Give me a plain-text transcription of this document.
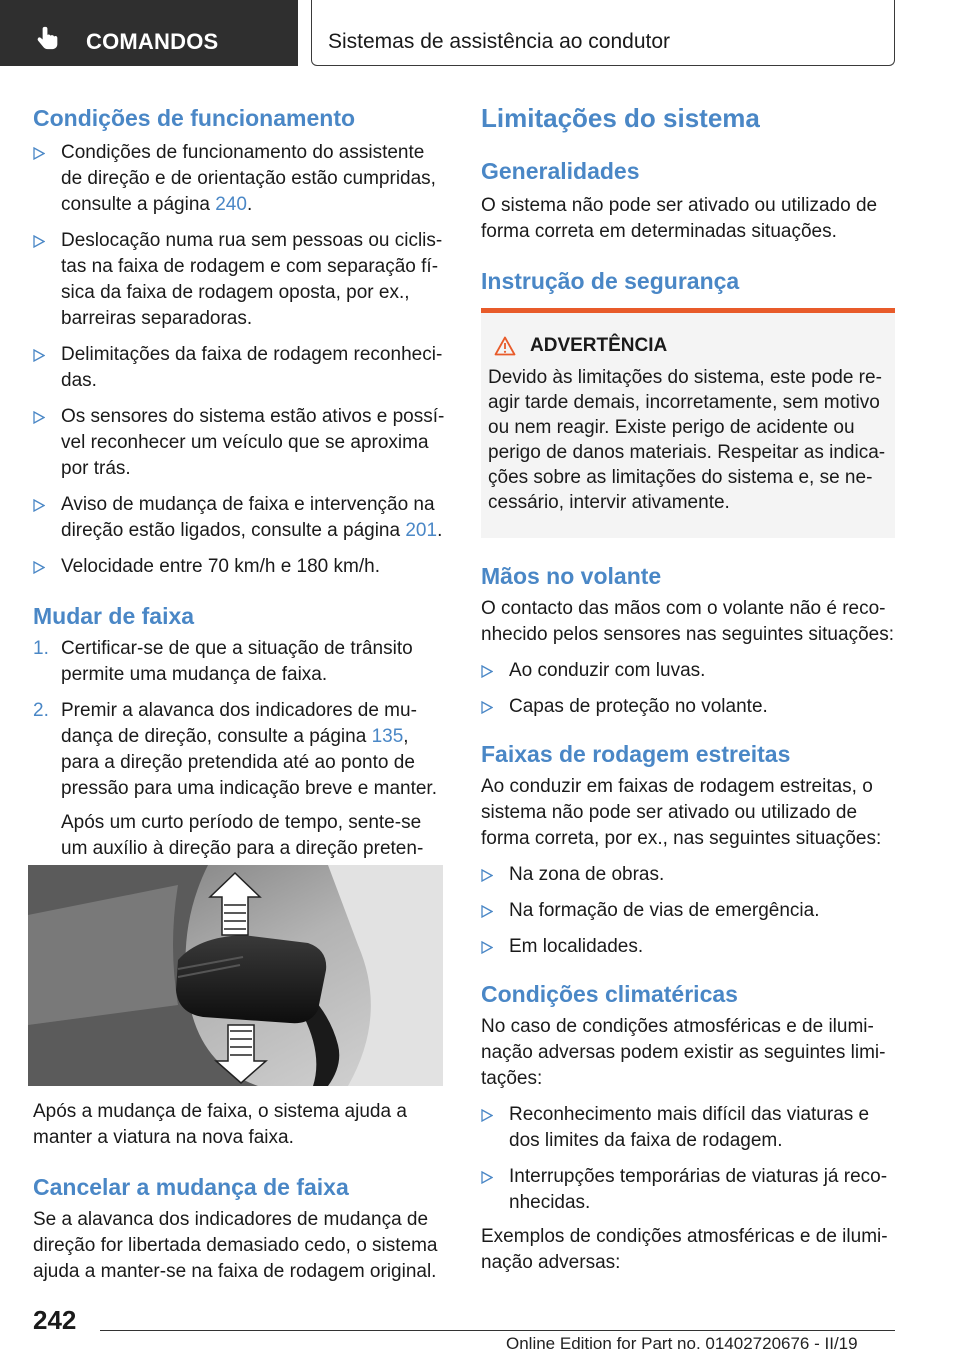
COMANDOS	Sistemas de assistência ao condutor
Condições de funcionamento
Condições de funcionamento do assistente de direção e de orientação estão cumpridas, consulte a página 240.
Deslocação numa rua sem pessoas ou ciclistas na faixa de rodagem e com separação física da faixa de rodagem oposta, por ex., barreiras separadoras.
Delimitações da faixa de rodagem reconhecidas.
Os sensores do sistema estão ativos e possível reconhecer um veículo que se aproxima por trás.
Aviso de mudança de faixa e intervenção na direção estão ligados, consulte a página 201.
Velocidade entre 70 km/h e 180 km/h.
Mudar de faixa
1. Certificar-se de que a situação de trânsito permite uma mudança de faixa.
2. Premir a alavanca dos indicadores de mudança de direção, consulte a página 135, para a direção pretendida até ao ponto de pressão para uma indicação breve e manter.

Após um curto período de tempo, sente-se um auxílio à direção para a direção preten

Após a mudança de faixa, o sistema ajuda a manter a viatura na nova faixa.

Cancelar a mudança de faixa

Se a alavanca dos indicadores de mudança de direção for libertada demasiado cedo, o sistema ajuda a manter-se na faixa de rodagem original.

Limitações do sistema
Generalidades

O sistema não pode ser ativado ou utilizado de forma correta em determinadas situações.

Instrução de segurança
ADVERTÊNCIA

Devido às limitações do sistema, este pode reagir tarde demais, incorretamente, sem motivo ou nem reagir. Existe perigo de acidente ou perigo de danos materiais. Respeitar as indicações sobre as limitações do sistema e, se necessário, intervir ativamente.

Mãos no volante

O contacto das mãos com o volante não é reconhecido pelos sensores nas seguintes situações:

Ao conduzir com luvas.
Capas de proteção no volante.
Faixas de rodagem estreitas

Ao conduzir em faixas de rodagem estreitas, o sistema não pode ser ativado ou utilizado de forma correta, por ex., nas seguintes situações:

Na zona de obras.
Na formação de vias de emergência.
Em localidades.
Condições climatéricas

No caso de condições atmosféricas e de iluminação adversas podem existir as seguintes limitações:

Reconhecimento mais difícil das viaturas e dos limites da faixa de rodagem.
Interrupções temporárias de viaturas já reconhecidas.

Exemplos de condições atmosféricas e de iluminação adversas:

242
Online Edition for Part no. 01402720676 - II/19
